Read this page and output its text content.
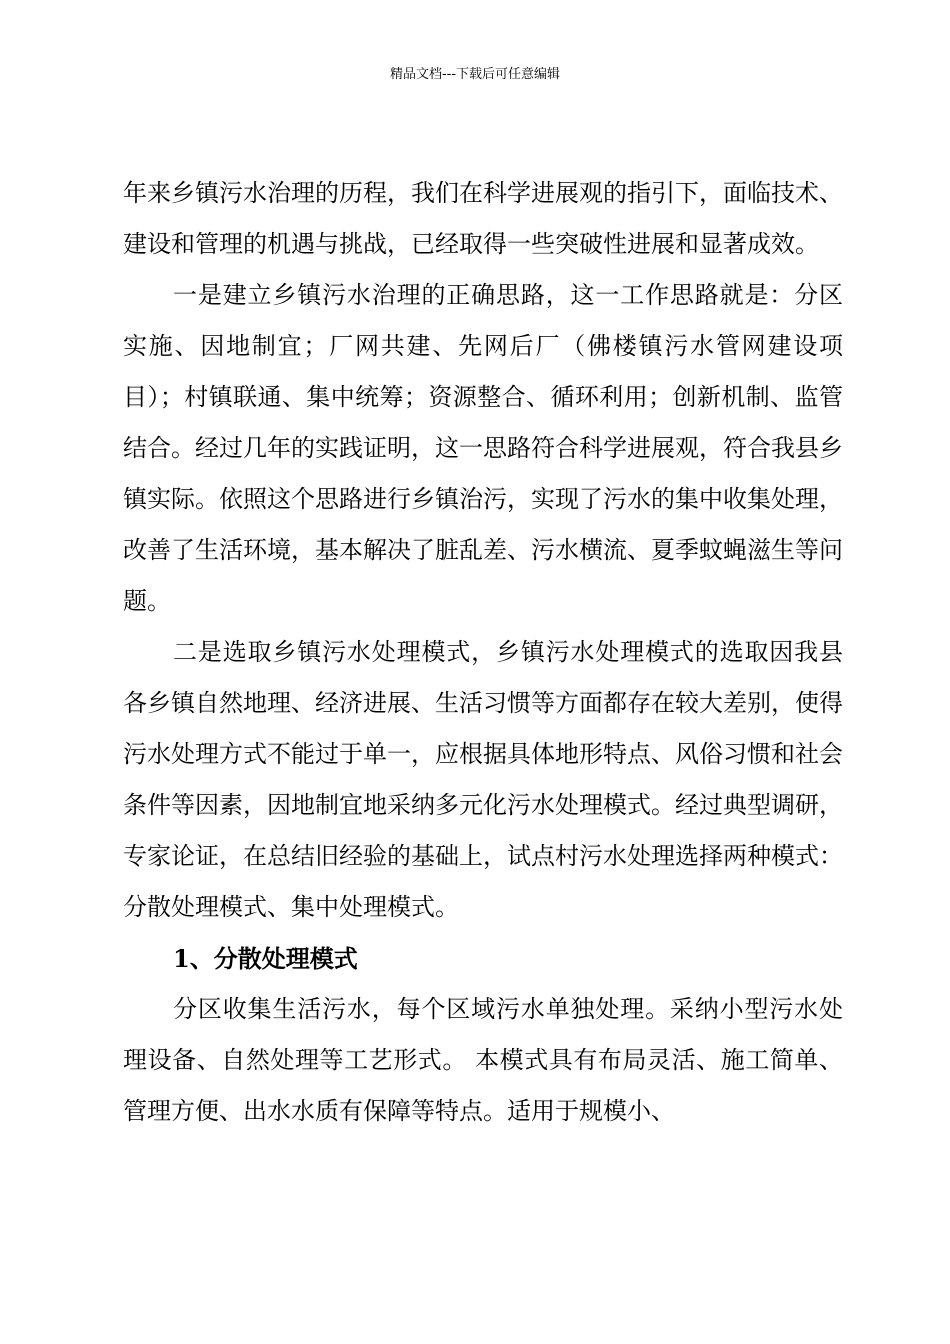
精品文档---下载后可任意编辑

年来乡镇污水治理的历程，我们在科学进展观的指引下，面临技术、建设和管理的机遇与挑战，已经取得一些突破性进展和显著成效。

一是建立乡镇污水治理的正确思路，这一工作思路就是：分区实施、因地制宜；厂网共建、先网后厂（佛楼镇污水管网建设项目）；村镇联通、集中统筹；资源整合、循环利用；创新机制、监管结合。经过几年的实践证明，这一思路符合科学进展观，符合我县乡镇实际。依照这个思路进行乡镇治污，实现了污水的集中收集处理，改善了生活环境，基本解决了脏乱差、污水横流、夏季蚊蝇滋生等问题。

二是选取乡镇污水处理模式，乡镇污水处理模式的选取因我县各乡镇自然地理、经济进展、生活习惯等方面都存在较大差别，使得污水处理方式不能过于单一，应根据具体地形特点、风俗习惯和社会条件等因素，因地制宜地采纳多元化污水处理模式。经过典型调研，专家论证，在总结旧经验的基础上，试点村污水处理选择两种模式：分散处理模式、集中处理模式。

1、分散处理模式

分区收集生活污水，每个区域污水单独处理。采纳小型污水处理设备、自然处理等工艺形式。 本模式具有布局灵活、施工简单、管理方便、出水水质有保障等特点。适用于规模小、
